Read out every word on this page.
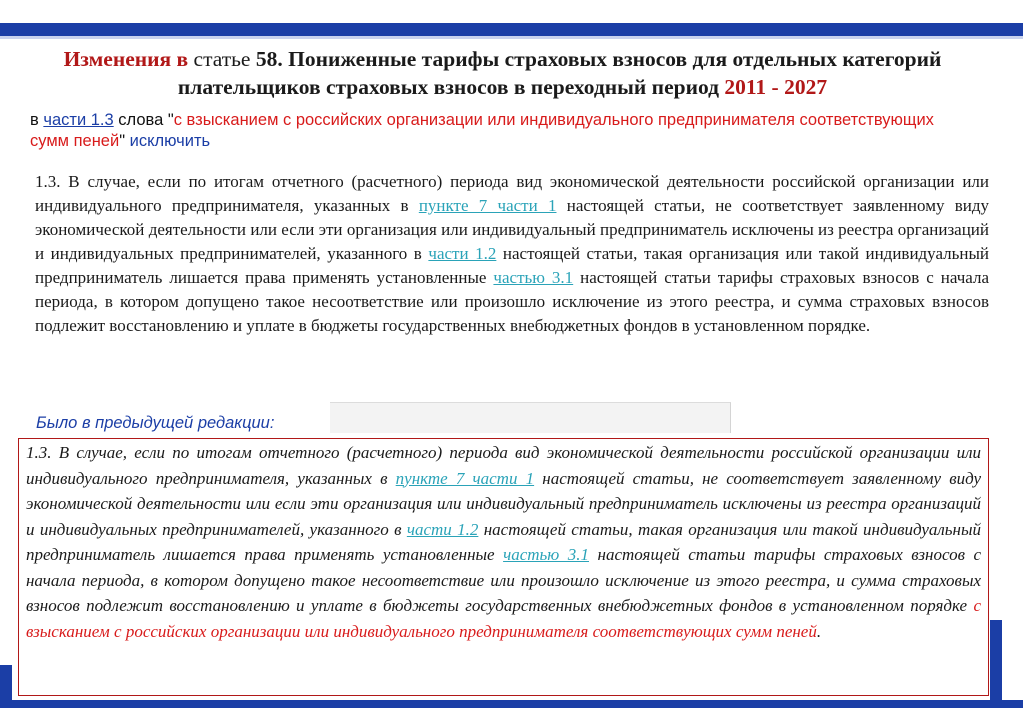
Изменения в статье 58. Пониженные тарифы страховых взносов для отдельных категорий плательщиков страховых взносов в переходный период 2011 - 2027
в части 1.3 слова "с взысканием с российских организации или индивидуального предпринимателя соответствующих сумм пеней" исключить
1.3. В случае, если по итогам отчетного (расчетного) периода вид экономической деятельности российской организации или индивидуального предпринимателя, указанных в пункте 7 части 1 настоящей статьи, не соответствует заявленному виду экономической деятельности или если эти организация или индивидуальный предприниматель исключены из реестра организаций и индивидуальных предпринимателей, указанного в части 1.2 настоящей статьи, такая организация или такой индивидуальный предприниматель лишается права применять установленные частью 3.1 настоящей статьи тарифы страховых взносов с начала периода, в котором допущено такое несоответствие или произошло исключение из этого реестра, и сумма страховых взносов подлежит восстановлению и уплате в бюджеты государственных внебюджетных фондов в установленном порядке.
Было в предыдущей редакции:
1.3. В случае, если по итогам отчетного (расчетного) периода вид экономической деятельности российской организации или индивидуального предпринимателя, указанных в пункте 7 части 1 настоящей статьи, не соответствует заявленному виду экономической деятельности или если эти организация или индивидуальный предприниматель исключены из реестра организаций и индивидуальных предпринимателей, указанного в части 1.2 настоящей статьи, такая организация или такой индивидуальный предприниматель лишается права применять установленные частью 3.1 настоящей статьи тарифы страховых взносов с начала периода, в котором допущено такое несоответствие или произошло исключение из этого реестра, и сумма страховых взносов подлежит восстановлению и уплате в бюджеты государственных внебюджетных фондов в установленном порядке с взысканием с российских организации или индивидуального предпринимателя соответствующих сумм пеней.
